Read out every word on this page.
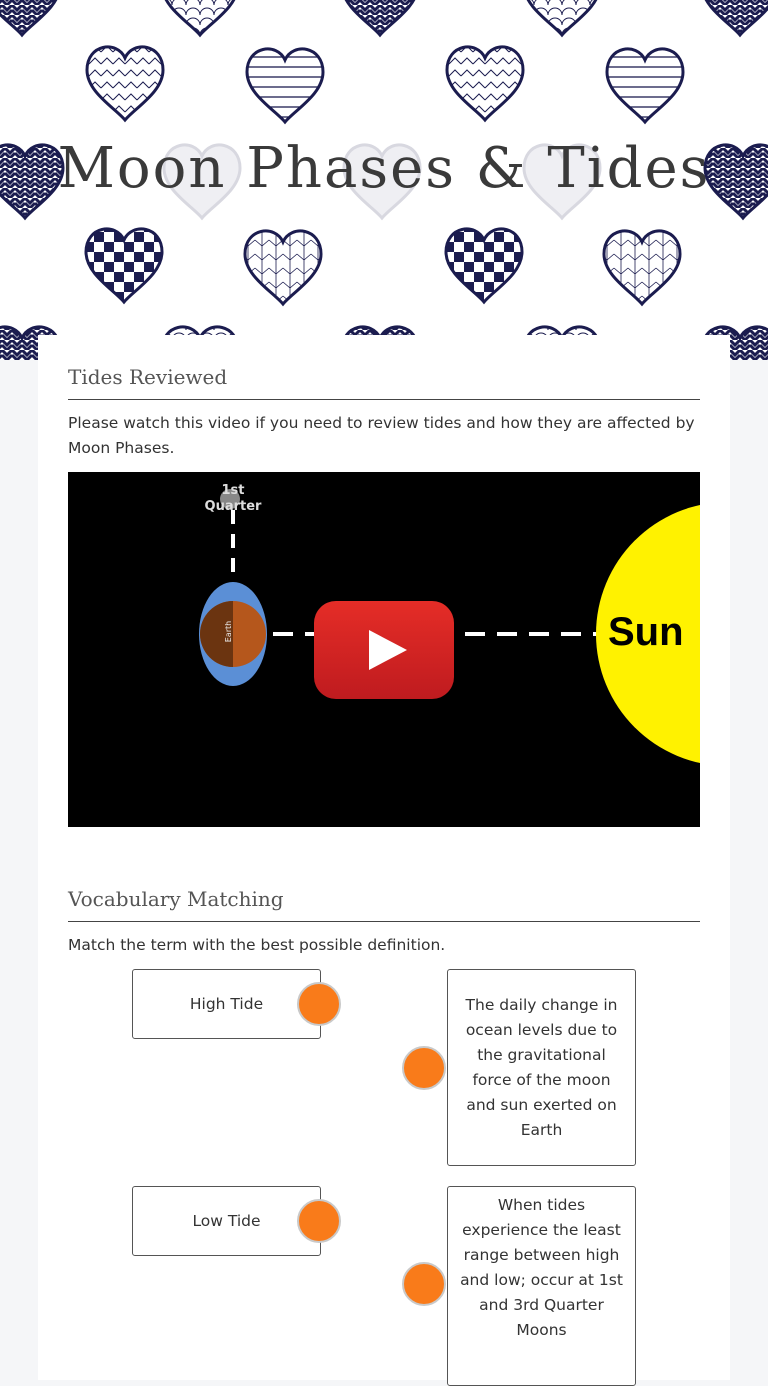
Moon Phases & Tides
Tides Reviewed
Please watch this video if you need to review tides and how they are affected by Moon Phases.
1st
Quarter
Earth	Sun
Vocabulary Matching
Match the term with the best possible definition.
High Tide	The daily change in ocean levels due to the gravitational force of the moon and sun exerted on Earth
Low Tide
When tides experience the least range between high and low; occur at 1st and 3rd Quarter Moons
